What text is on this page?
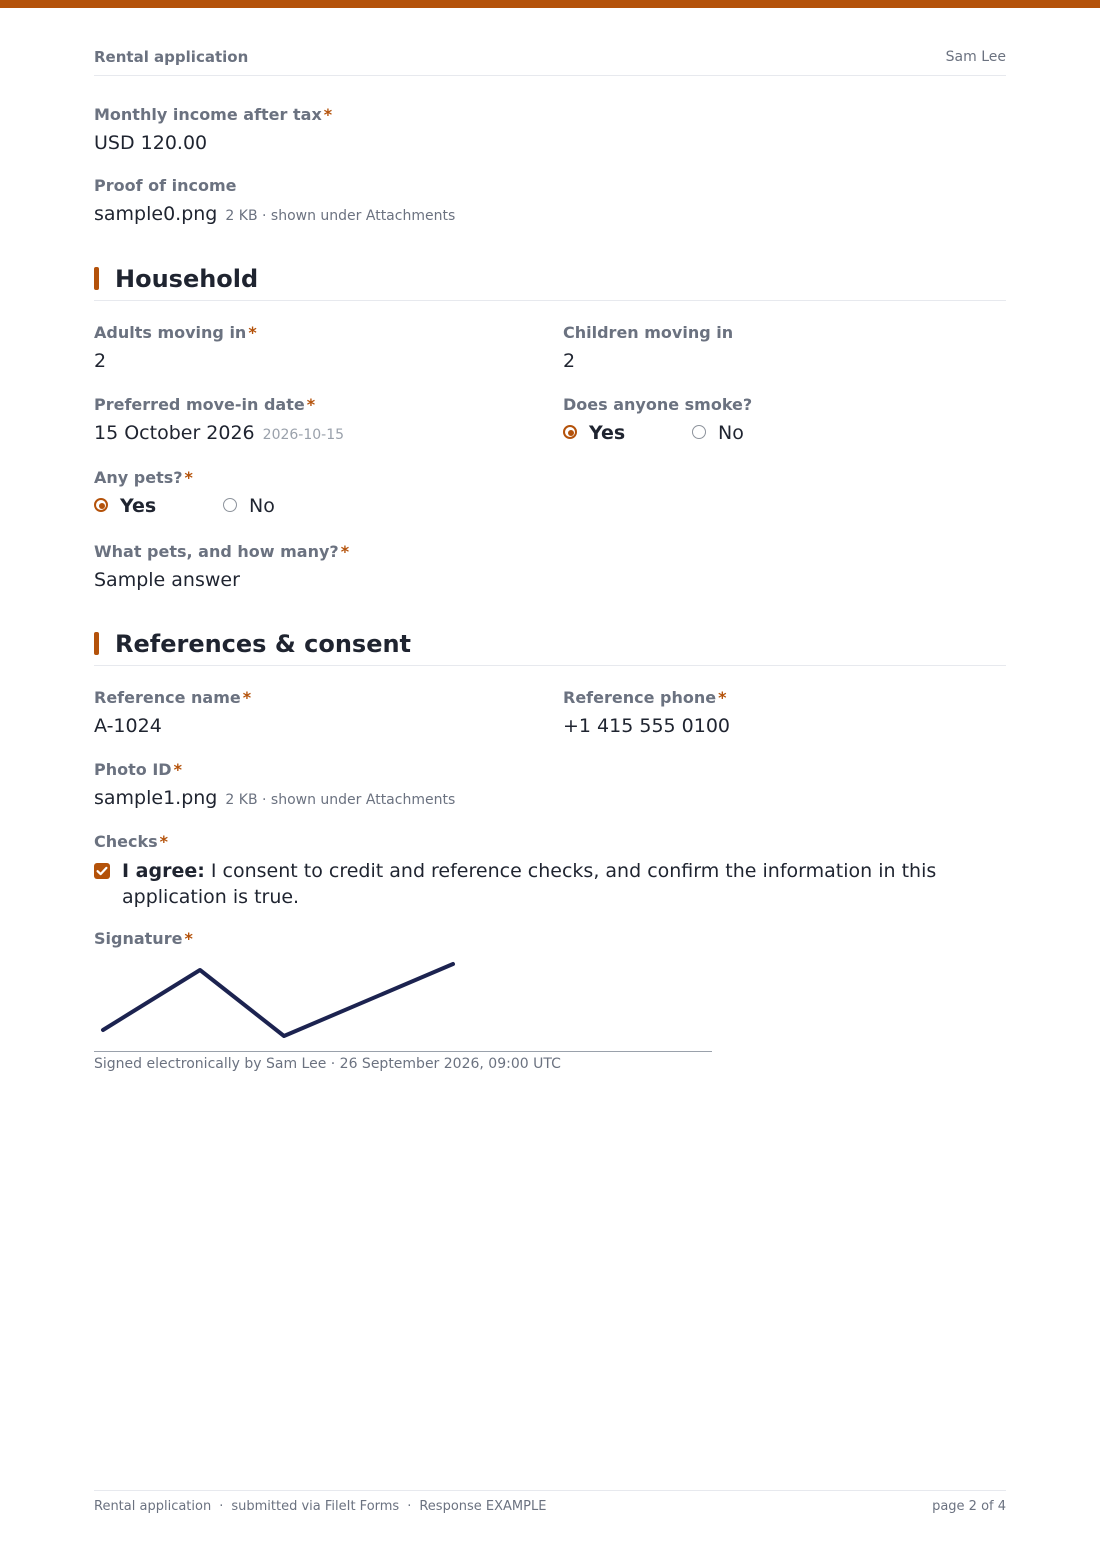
Rental application	Sam Lee
Monthly income after tax *
USD 120.00
Proof of income
sample0.png 2 KB · shown under Attachments
Household
Adults moving in *
2
Children moving in
2
Preferred move-in date *
15 October 2026 2026-10-15
Does anyone smoke?
Yes	No
Any pets? *
Yes	No
What pets, and how many? *
Sample answer
References & consent
Reference name *
A-1024
Reference phone *
+1 415 555 0100
Photo ID *
sample1.png 2 KB · shown under Attachments
Checks *
I agree: I consent to credit and reference checks, and confirm the information in this application is true.
Signature *
Signed electronically by Sam Lee · 26 September 2026, 09:00 UTC
Rental application · submitted via FileIt Forms · Response EXAMPLE	page 2 of 4
